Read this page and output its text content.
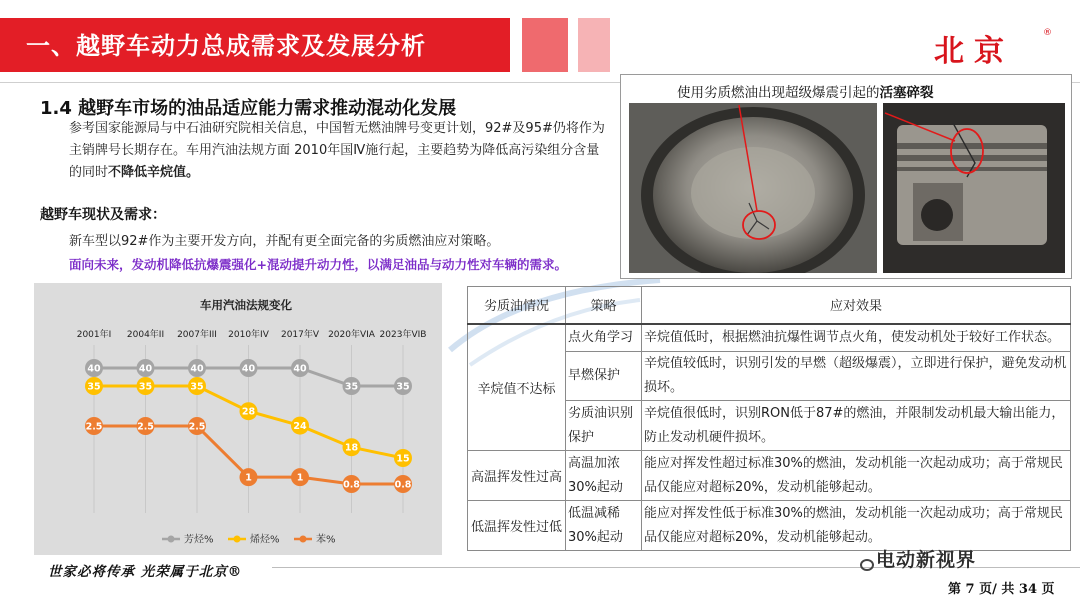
一、越野车动力总成需求及发展分析	北京
®
1.4 越野车市场的油品适应能力需求推动混动化发展
参考国家能源局与中石油研究院相关信息，中国暂无燃油牌号变更计划，92#及95#仍将作为主销牌号长期存在。车用汽油法规方面 2010年国Ⅳ施行起，主要趋势为降低高污染组分含量的同时不降低辛烷值。
越野车现状及需求：
新车型以92#作为主要开发方向，并配有更全面完备的劣质燃油应对策略。
面向未来，发动机降低抗爆震强化+混动提升动力性，以满足油品与动力性对车辆的需求。
使用劣质燃油出现超级爆震引起的活塞碎裂
车用汽油法规变化
2001年I 2004年II 2007年III 2010年IV 2017年V 2020年VIA 2023年VIB
40	40	40	40	40
35	35
芳烃%
35	35	35
28
24
18
15
烯烃%
2.5	2.5	2.5
1	1
0.8	0.8
苯%
劣质油情况	策略	应对效果
辛烷值不达标	点火角学习	辛烷值低时，根据燃油抗爆性调节点火角，使发动机处于较好工作状态。
	早燃保护	辛烷值较低时，识别引发的早燃（超级爆震），立即进行保护，避免发动机损坏。
	劣质油识别保护	辛烷值很低时，识别RON低于87#的燃油，并限制发动机最大输出能力，防止发动机硬件损坏。
高温挥发性过高	高温加浓30%起动	能应对挥发性超过标准30%的燃油，发动机能一次起动成功；高于常规民品仅能应对超标20%，发动机能够起动。
低温挥发性过低	低温减稀30%起动	能应对挥发性低于标准30%的燃油，发动机能一次起动成功；高于常规民品仅能应对超标20%，发动机能够起动。
世家必将传承 光荣属于北京®
电动新视界
第 7 页/ 共 34 页
